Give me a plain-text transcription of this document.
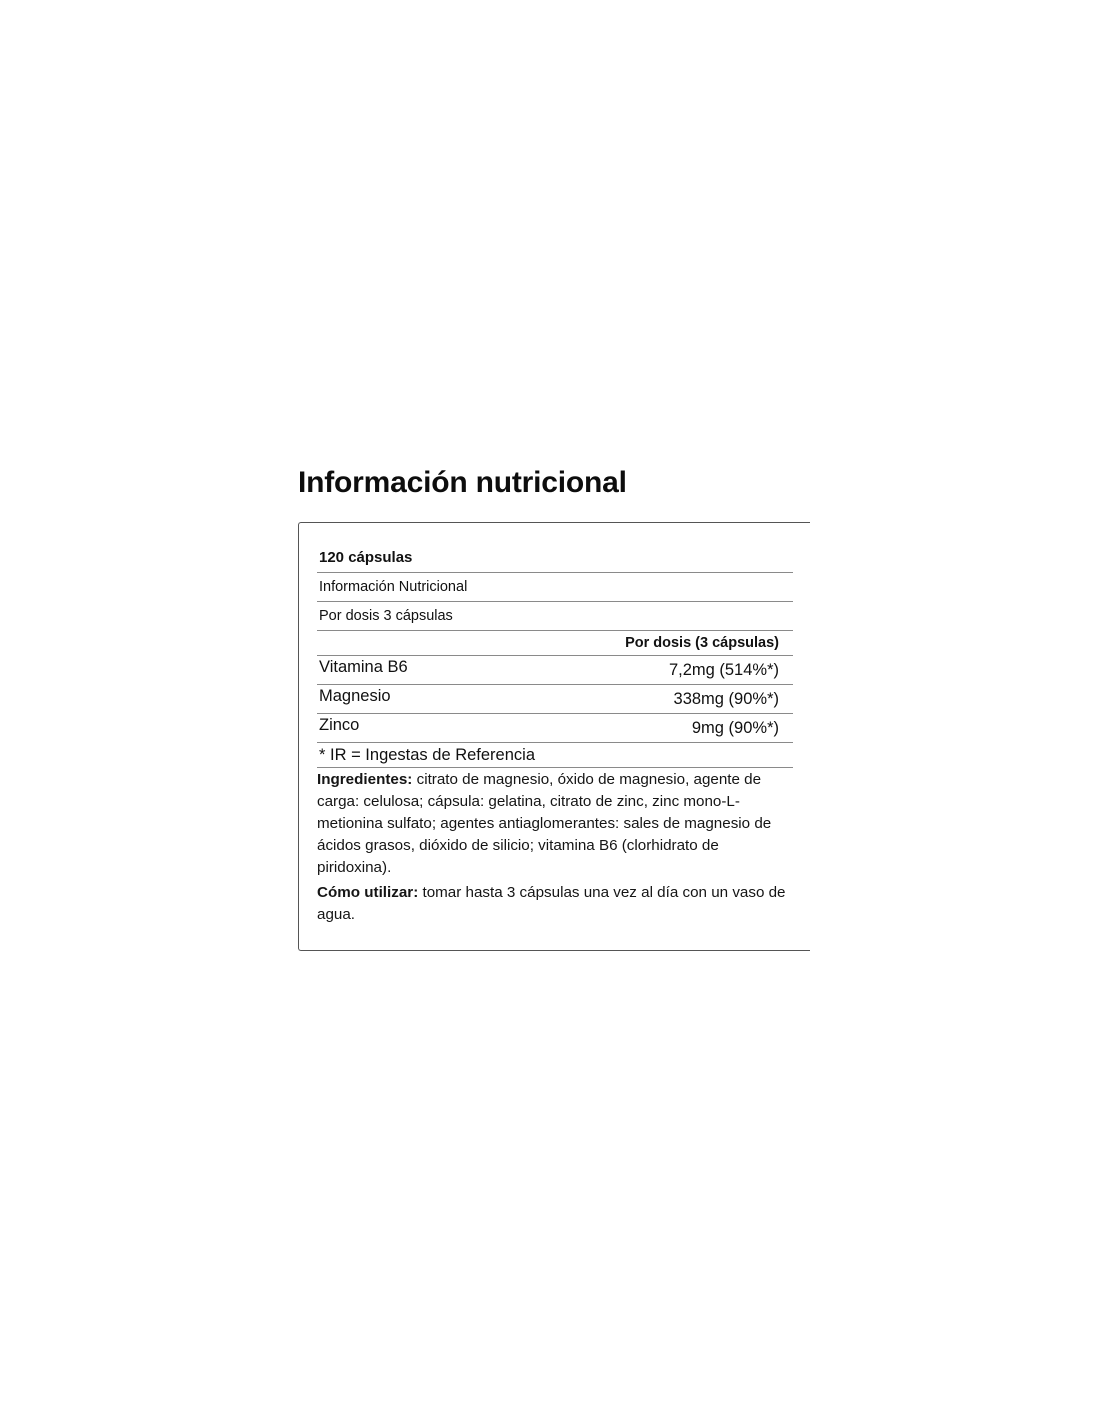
Información nutricional
120 cápsulas
Información Nutricional
Por dosis 3 cápsulas
Por dosis (3 cápsulas)
Vitamina B6	7,2mg (514%*)
Magnesio	338mg (90%*)
Zinco	9mg (90%*)
* IR = Ingestas de Referencia

Ingredientes: citrato de magnesio, óxido de magnesio, agente de carga: celulosa; cápsula: gelatina, citrato de zinc, zinc mono-L-metionina sulfato; agentes antiaglomerantes: sales de magnesio de ácidos grasos, dióxido de silicio; vitamina B6 (clorhidrato de piridoxina).

Cómo utilizar: tomar hasta 3 cápsulas una vez al día con un vaso de agua.
